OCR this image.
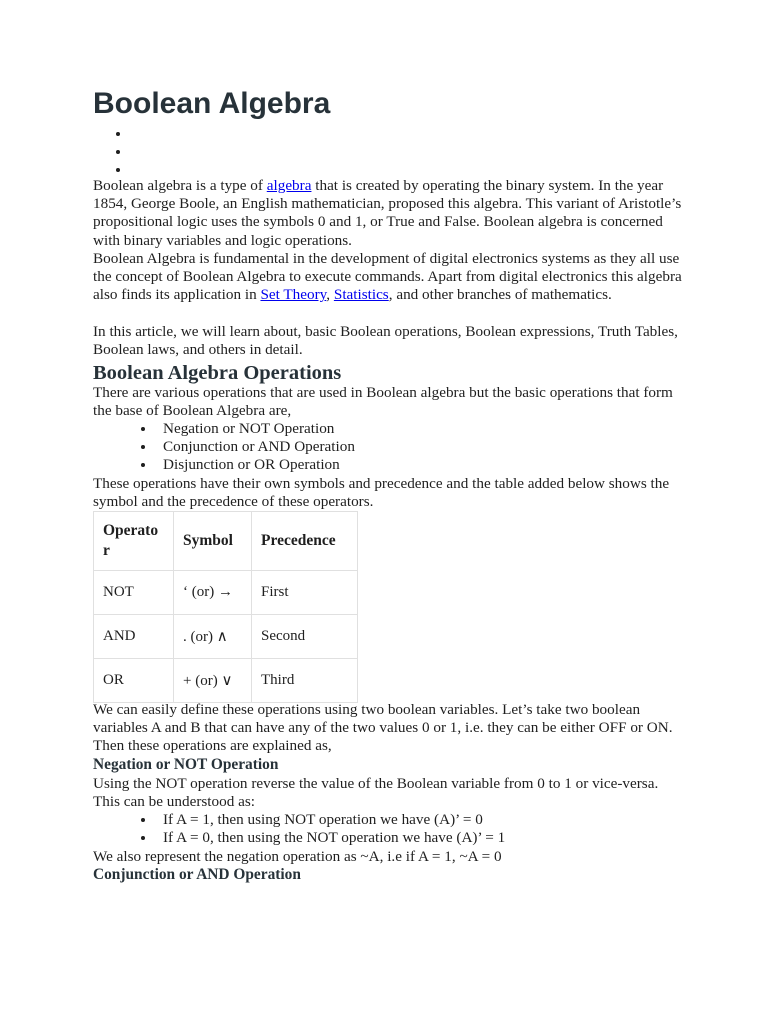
Boolean Algebra

Boolean algebra is a type of algebra that is created by operating the binary system. In the year 1854, George Boole, an English mathematician, proposed this algebra. This variant of Aristotle’s propositional logic uses the symbols 0 and 1, or True and False. Boolean algebra is concerned with binary variables and logic operations.

Boolean Algebra is fundamental in the development of digital electronics systems as they all use the concept of Boolean Algebra to execute commands. Apart from digital electronics this algebra also finds its application in Set Theory, Statistics, and other branches of mathematics.

In this article, we will learn about, basic Boolean operations, Boolean expressions, Truth Tables, Boolean laws, and others in detail.

Boolean Algebra Operations

There are various operations that are used in Boolean algebra but the basic operations that form the base of Boolean Algebra are,

Negation or NOT Operation
Conjunction or AND Operation
Disjunction or OR Operation

These operations have their own symbols and precedence and the table added below shows the symbol and the precedence of these operators.

Operator	Symbol	Precedence
NOT	‘ (or) →	First
AND	. (or) ∧	Second
OR	+ (or) ∨	Third

We can easily define these operations using two boolean variables. Let’s take two boolean variables A and B that can have any of the two values 0 or 1, i.e. they can be either OFF or ON. Then these operations are explained as,

Negation or NOT Operation

Using the NOT operation reverse the value of the Boolean variable from 0 to 1 or vice-versa. This can be understood as:

If A = 1, then using NOT operation we have (A)’ = 0
If A = 0, then using the NOT operation we have (A)’ = 1

We also represent the negation operation as ~A, i.e if A = 1, ~A = 0

Conjunction or AND Operation
